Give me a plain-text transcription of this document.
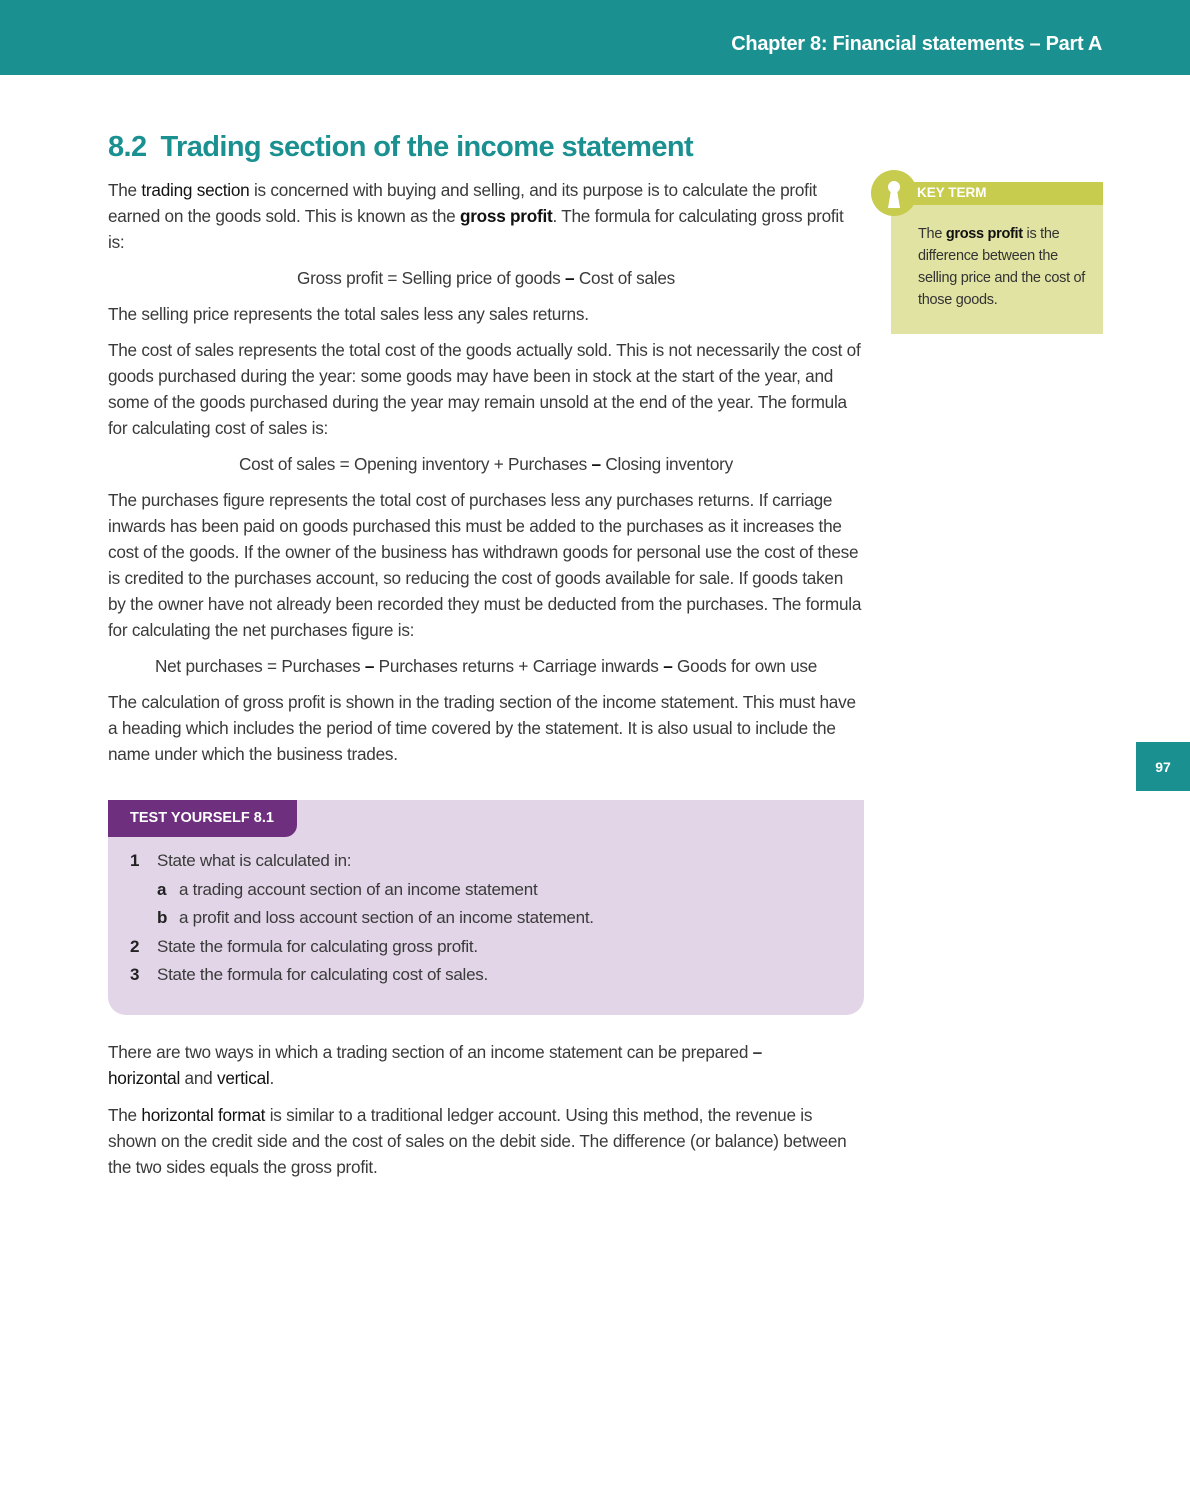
Chapter 8: Financial statements – Part A
8.2 Trading section of the income statement

The trading section is concerned with buying and selling, and its purpose is to calculate the profit earned on the goods sold. This is known as the gross profit. The formula for calculating gross profit is:

Gross profit = Selling price of goods – Cost of sales

The selling price represents the total sales less any sales returns.

The cost of sales represents the total cost of the goods actually sold. This is not necessarily the cost of goods purchased during the year: some goods may have been in stock at the start of the year, and some of the goods purchased during the year may remain unsold at the end of the year. The formula for calculating cost of sales is:

Cost of sales = Opening inventory + Purchases – Closing inventory

The purchases figure represents the total cost of purchases less any purchases returns. If carriage inwards has been paid on goods purchased this must be added to the purchases as it increases the cost of the goods. If the owner of the business has withdrawn goods for personal use the cost of these is credited to the purchases account, so reducing the cost of goods available for sale. If goods taken by the owner have not already been recorded they must be deducted from the purchases. The formula for calculating the net purchases figure is:

Net purchases = Purchases – Purchases returns + Carriage inwards – Goods for own use

The calculation of gross profit is shown in the trading section of the income statement. This must have a heading which includes the period of time covered by the statement. It is also usual to include the name under which the business trades.

KEY TERM
The gross profit is the difference between the selling price and the cost of those goods.
97
TEST YOURSELF 8.1
1 State what is calculated in:
a a trading account section of an income statement
b a profit and loss account section of an income statement.
2 State the formula for calculating gross profit.
3 State the formula for calculating cost of sales.

There are two ways in which a trading section of an income statement can be prepared –
horizontal and vertical.

The horizontal format is similar to a traditional ledger account. Using this method, the revenue is shown on the credit side and the cost of sales on the debit side. The difference (or balance) between the two sides equals the gross profit.
